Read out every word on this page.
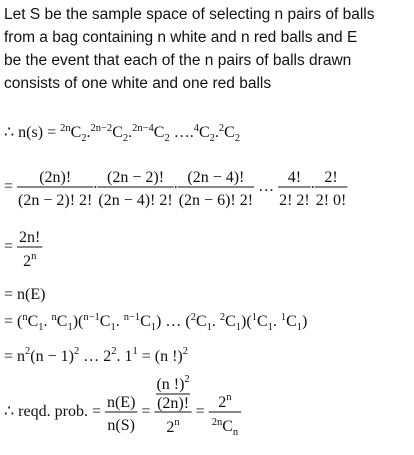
Let S be the sample space of selecting n pairs of balls
from a bag containing n white and n red balls and E
be the event that each of the n pairs of balls drawn
consists of one white and one red balls
∴ n(s) = 2n C 2 . 2n−2 C 2 . 2n−4 C 2 …. 4 C 2 . 2 C 2
=
(2n)!
(2n − 2)! 2!
. (2n − 2)!
(2n − 4)! 2!
. (2n − 4)!
(2n − 6)! 2!
…
4!
2! 2!
. 2!
2! 0!
=
2n!
2 n
= n(E)
= ( n C 1 . n C 1 ) ( n−1 C 1 . n−1 C 1 ) … ( 2 C 1 . 2 C 1 ) ( 1 C 1 . 1 C 1 )
= n 2 (n − 1) 2 … 2 2 . 1 1 = (n !) 2
∴ reqd. prob. =
n(E)
n(S)
=
(n !) 2
(2n)!
2 n
=
2 n
2n C n
